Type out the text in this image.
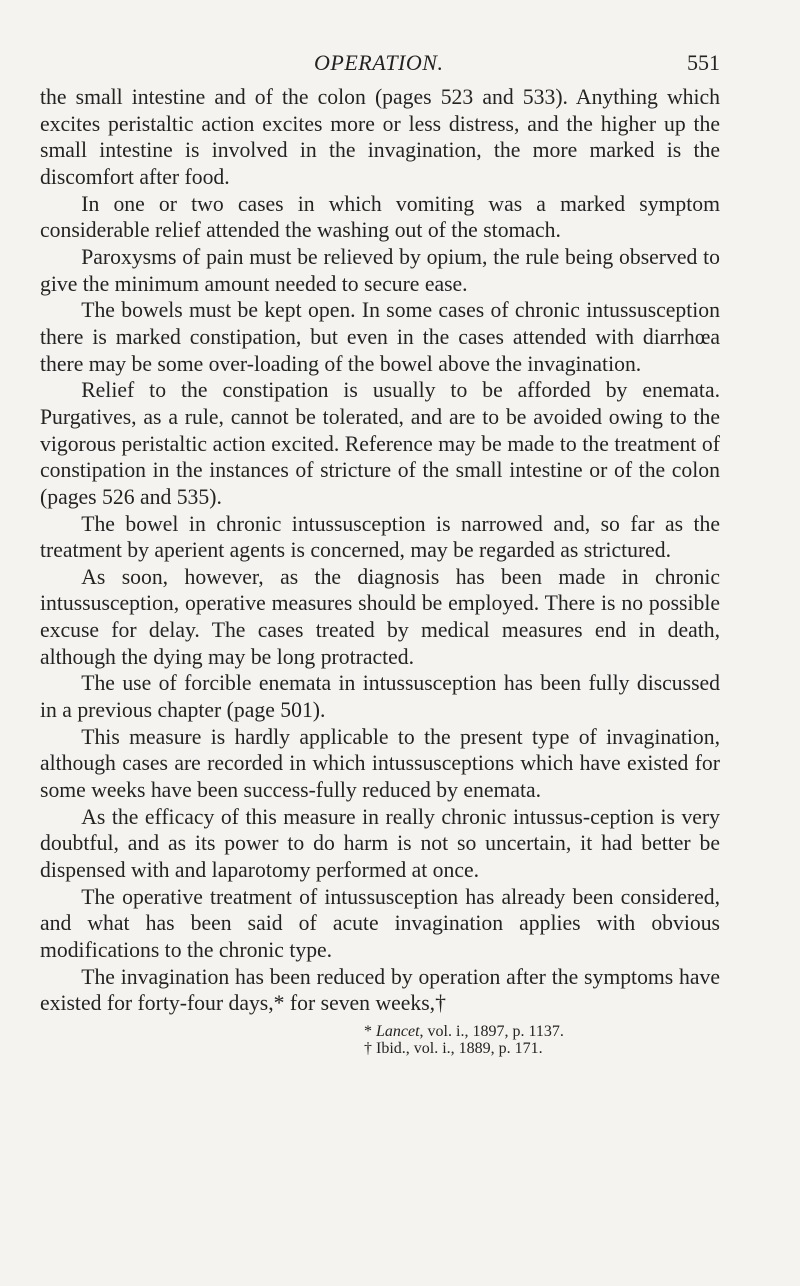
OPERATION.	551

the small intestine and of the colon (pages 523 and 533). Anything which excites peristaltic action excites more or less distress, and the higher up the small intestine is involved in the invagination, the more marked is the discomfort after food.

In one or two cases in which vomiting was a marked symptom considerable relief attended the washing out of the stomach.

Paroxysms of pain must be relieved by opium, the rule being observed to give the minimum amount needed to secure ease.

The bowels must be kept open. In some cases of chronic intussusception there is marked constipation, but even in the cases attended with diarrhœa there may be some over-loading of the bowel above the invagination.

Relief to the constipation is usually to be afforded by enemata. Purgatives, as a rule, cannot be tolerated, and are to be avoided owing to the vigorous peristaltic action excited. Reference may be made to the treatment of constipation in the instances of stricture of the small intestine or of the colon (pages 526 and 535).

The bowel in chronic intussusception is narrowed and, so far as the treatment by aperient agents is concerned, may be regarded as strictured.

As soon, however, as the diagnosis has been made in chronic intussusception, operative measures should be employed. There is no possible excuse for delay. The cases treated by medical measures end in death, although the dying may be long protracted.

The use of forcible enemata in intussusception has been fully discussed in a previous chapter (page 501).

This measure is hardly applicable to the present type of invagination, although cases are recorded in which intussusceptions which have existed for some weeks have been success-fully reduced by enemata.

As the efficacy of this measure in really chronic intussus-ception is very doubtful, and as its power to do harm is not so uncertain, it had better be dispensed with and laparotomy performed at once.

The operative treatment of intussusception has already been considered, and what has been said of acute invagination applies with obvious modifications to the chronic type.

The invagination has been reduced by operation after the symptoms have existed for forty-four days,* for seven weeks,†

* Lancet, vol. i., 1897, p. 1137.
† Ibid., vol. i., 1889, p. 171.
